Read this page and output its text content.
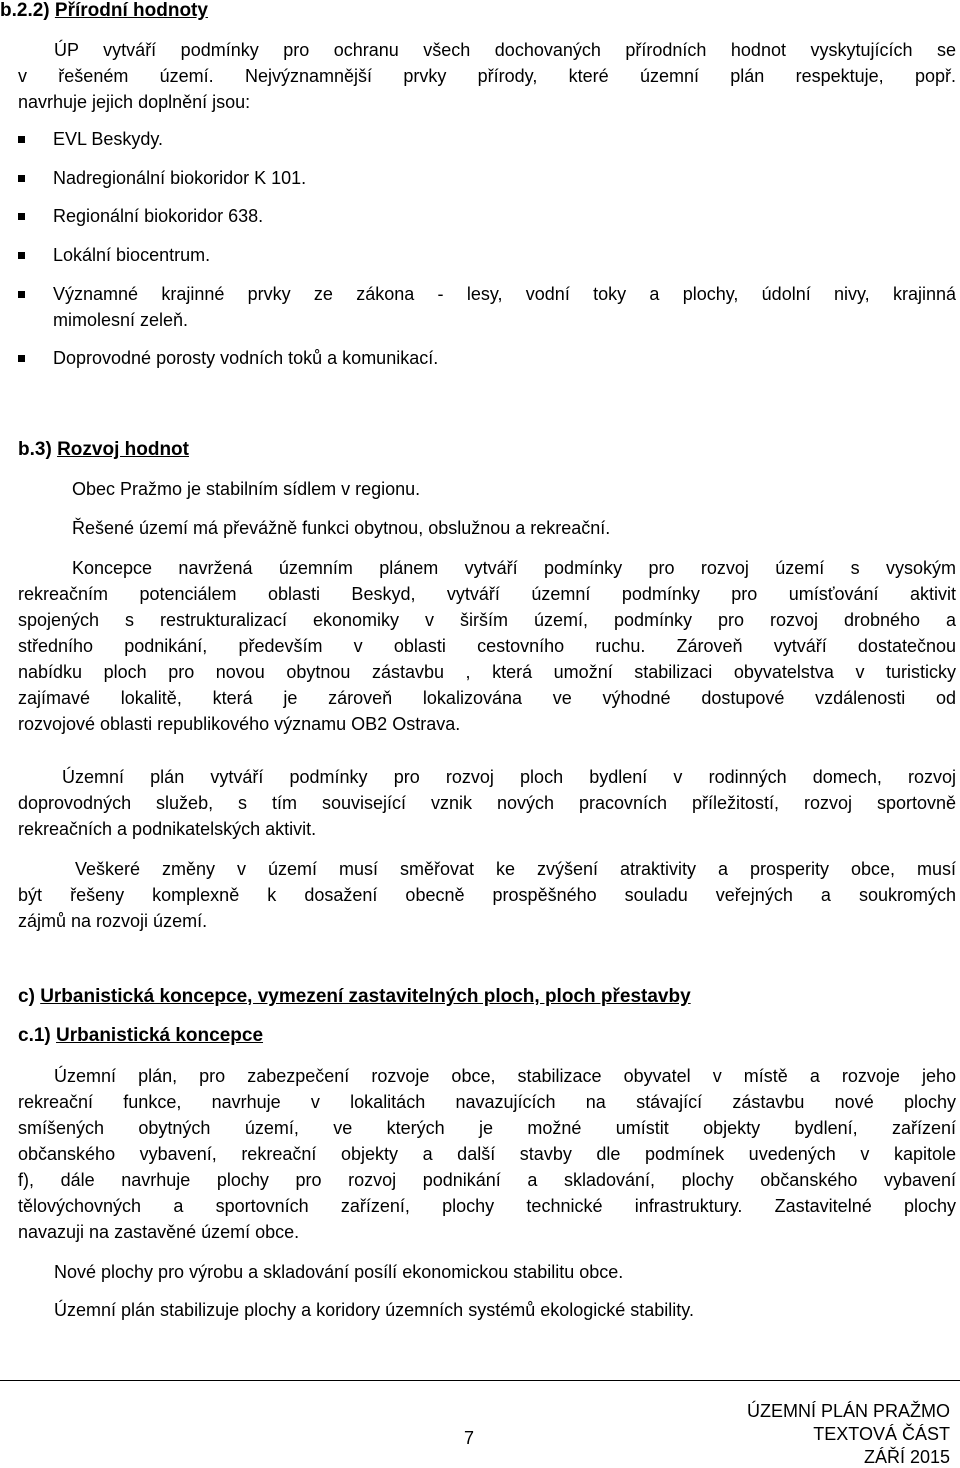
b.2.2) Přírodní hodnoty
ÚP vytváří podmínky pro ochranu všech dochovaných přírodních hodnot vyskytujících se
v řešeném území. Nejvýznamnější prvky přírody, které územní plán respektuje, popř.
navrhuje jejich doplnění jsou:
EVL Beskydy.
Nadregionální biokoridor K 101.
Regionální biokoridor 638.
Lokální biocentrum.
Významné krajinné prvky ze zákona - lesy, vodní toky a plochy, údolní nivy, krajinná
mimolesní zeleň.
Doprovodné porosty vodních toků a komunikací.
b.3) Rozvoj hodnot
Obec Pražmo je stabilním sídlem v regionu.
Řešené území má převážně funkci obytnou, obslužnou a rekreační.
Koncepce navržená územním plánem vytváří podmínky pro rozvoj území s vysokým
rekreačním potenciálem oblasti Beskyd, vytváří územní podmínky pro umísťování aktivit
spojených s restrukturalizací ekonomiky v širším území, podmínky pro rozvoj drobného a
středního podnikání, především v oblasti cestovního ruchu. Zároveň vytváří dostatečnou
nabídku ploch pro novou obytnou zástavbu , která umožní stabilizaci obyvatelstva v turisticky
zajímavé lokalitě, která je zároveň lokalizována ve výhodné dostupové vzdálenosti od
rozvojové oblasti republikového významu OB2 Ostrava.
Územní plán vytváří podmínky pro rozvoj ploch bydlení v rodinných domech, rozvoj
doprovodných služeb, s tím související vznik nových pracovních příležitostí, rozvoj sportovně
rekreačních a podnikatelských aktivit.
Veškeré změny v území musí směřovat ke zvýšení atraktivity a prosperity obce, musí
být řešeny komplexně k dosažení obecně prospěšného souladu veřejných a soukromých
zájmů na rozvoji území.
c) Urbanistická koncepce, vymezení zastavitelných ploch, ploch přestavby
c.1) Urbanistická koncepce
Územní plán, pro zabezpečení rozvoje obce, stabilizace obyvatel v místě a rozvoje jeho
rekreační funkce, navrhuje v lokalitách navazujících na stávající zástavbu nové plochy
smíšených obytných území, ve kterých je možné umístit objekty bydlení, zařízení
občanského vybavení, rekreační objekty a další stavby dle podmínek uvedených v kapitole
f), dále navrhuje plochy pro rozvoj podnikání a skladování, plochy občanského vybavení
tělovýchovných a sportovních zařízení, plochy technické infrastruktury. Zastavitelné plochy
navazuji na zastavěné území obce.
Nové plochy pro výrobu a skladování posílí ekonomickou stabilitu obce.
Územní plán stabilizuje plochy a koridory územních systémů ekologické stability.
7
ÚZEMNÍ PLÁN PRAŽMO
TEXTOVÁ ČÁST
ZÁŘÍ 2015
